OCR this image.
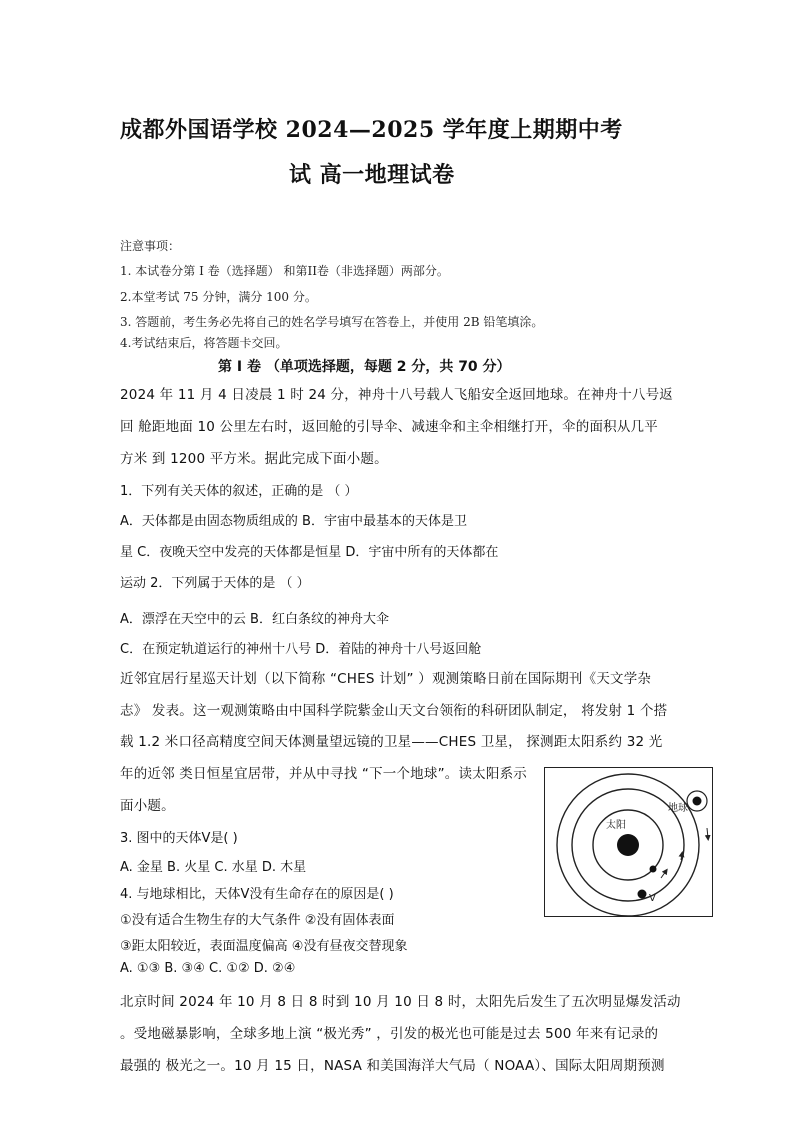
成都外国语学校 2024—2025 学年度上期期中考
试 高一地理试卷
注意事项：
1. 本试卷分第 I 卷（选择题） 和第II卷（非选择题）两部分。
2.本堂考试 75 分钟，满分 100 分。
3. 答题前，考生务必先将自己的姓名学号填写在答卷上，并使用 2B 铅笔填涂。
4.考试结束后，将答题卡交回。
第 I 卷 （单项选择题，每题 2 分，共 70 分）
2024 年 11 月 4 日凌晨 1 时 24 分，神舟十八号载人飞船安全返回地球。在神舟十八号返
回 舱距地面 10 公里左右时，返回舱的引导伞、减速伞和主伞相继打开，伞的面积从几平
方米 到 1200 平方米。据此完成下面小题。
1．下列有关天体的叙述，正确的是 （ ）
A．天体都是由固态物质组成的 B．宇宙中最基本的天体是卫
星 C．夜晚天空中发亮的天体都是恒星 D．宇宙中所有的天体都在
运动 2．下列属于天体的是 （ ）
A．漂浮在天空中的云 B．红白条纹的神舟大伞
C．在预定轨道运行的神州十八号 D．着陆的神舟十八号返回舱
近邻宜居行星巡天计划（以下简称 “CHES 计划” ）观测策略日前在国际期刊《天文学杂
志》 发表。这一观测策略由中国科学院紫金山天文台领衔的科研团队制定， 将发射 1 个搭
载 1.2 米口径高精度空间天体测量望远镜的卫星——CHES 卫星， 探测距太阳系约 32 光
年的近邻 类日恒星宜居带，并从中寻找 “下一个地球”。读太阳系示
面小题。
3. 图中的天体Ⅴ是( )
A. 金星 B. 火星 C. 水星 D. 木星
4. 与地球相比，天体Ⅴ没有生命存在的原因是( )
①没有适合生物生存的大气条件 ②没有固体表面
③距太阳较近，表面温度偏高 ④没有昼夜交替现象
A. ①③ B. ③④ C. ①② D. ②④
北京时间 2024 年 10 月 8 日 8 时到 10 月 10 日 8 时，太阳先后发生了五次明显爆发活动
。受地磁暴影响，全球多地上演 “极光秀” ，引发的极光也可能是过去 500 年来有记录的
最强的 极光之一。10 月 15 日，NASA 和美国海洋大气局（ NOAA）、国际太阳周期预测
太阳
地球
V
